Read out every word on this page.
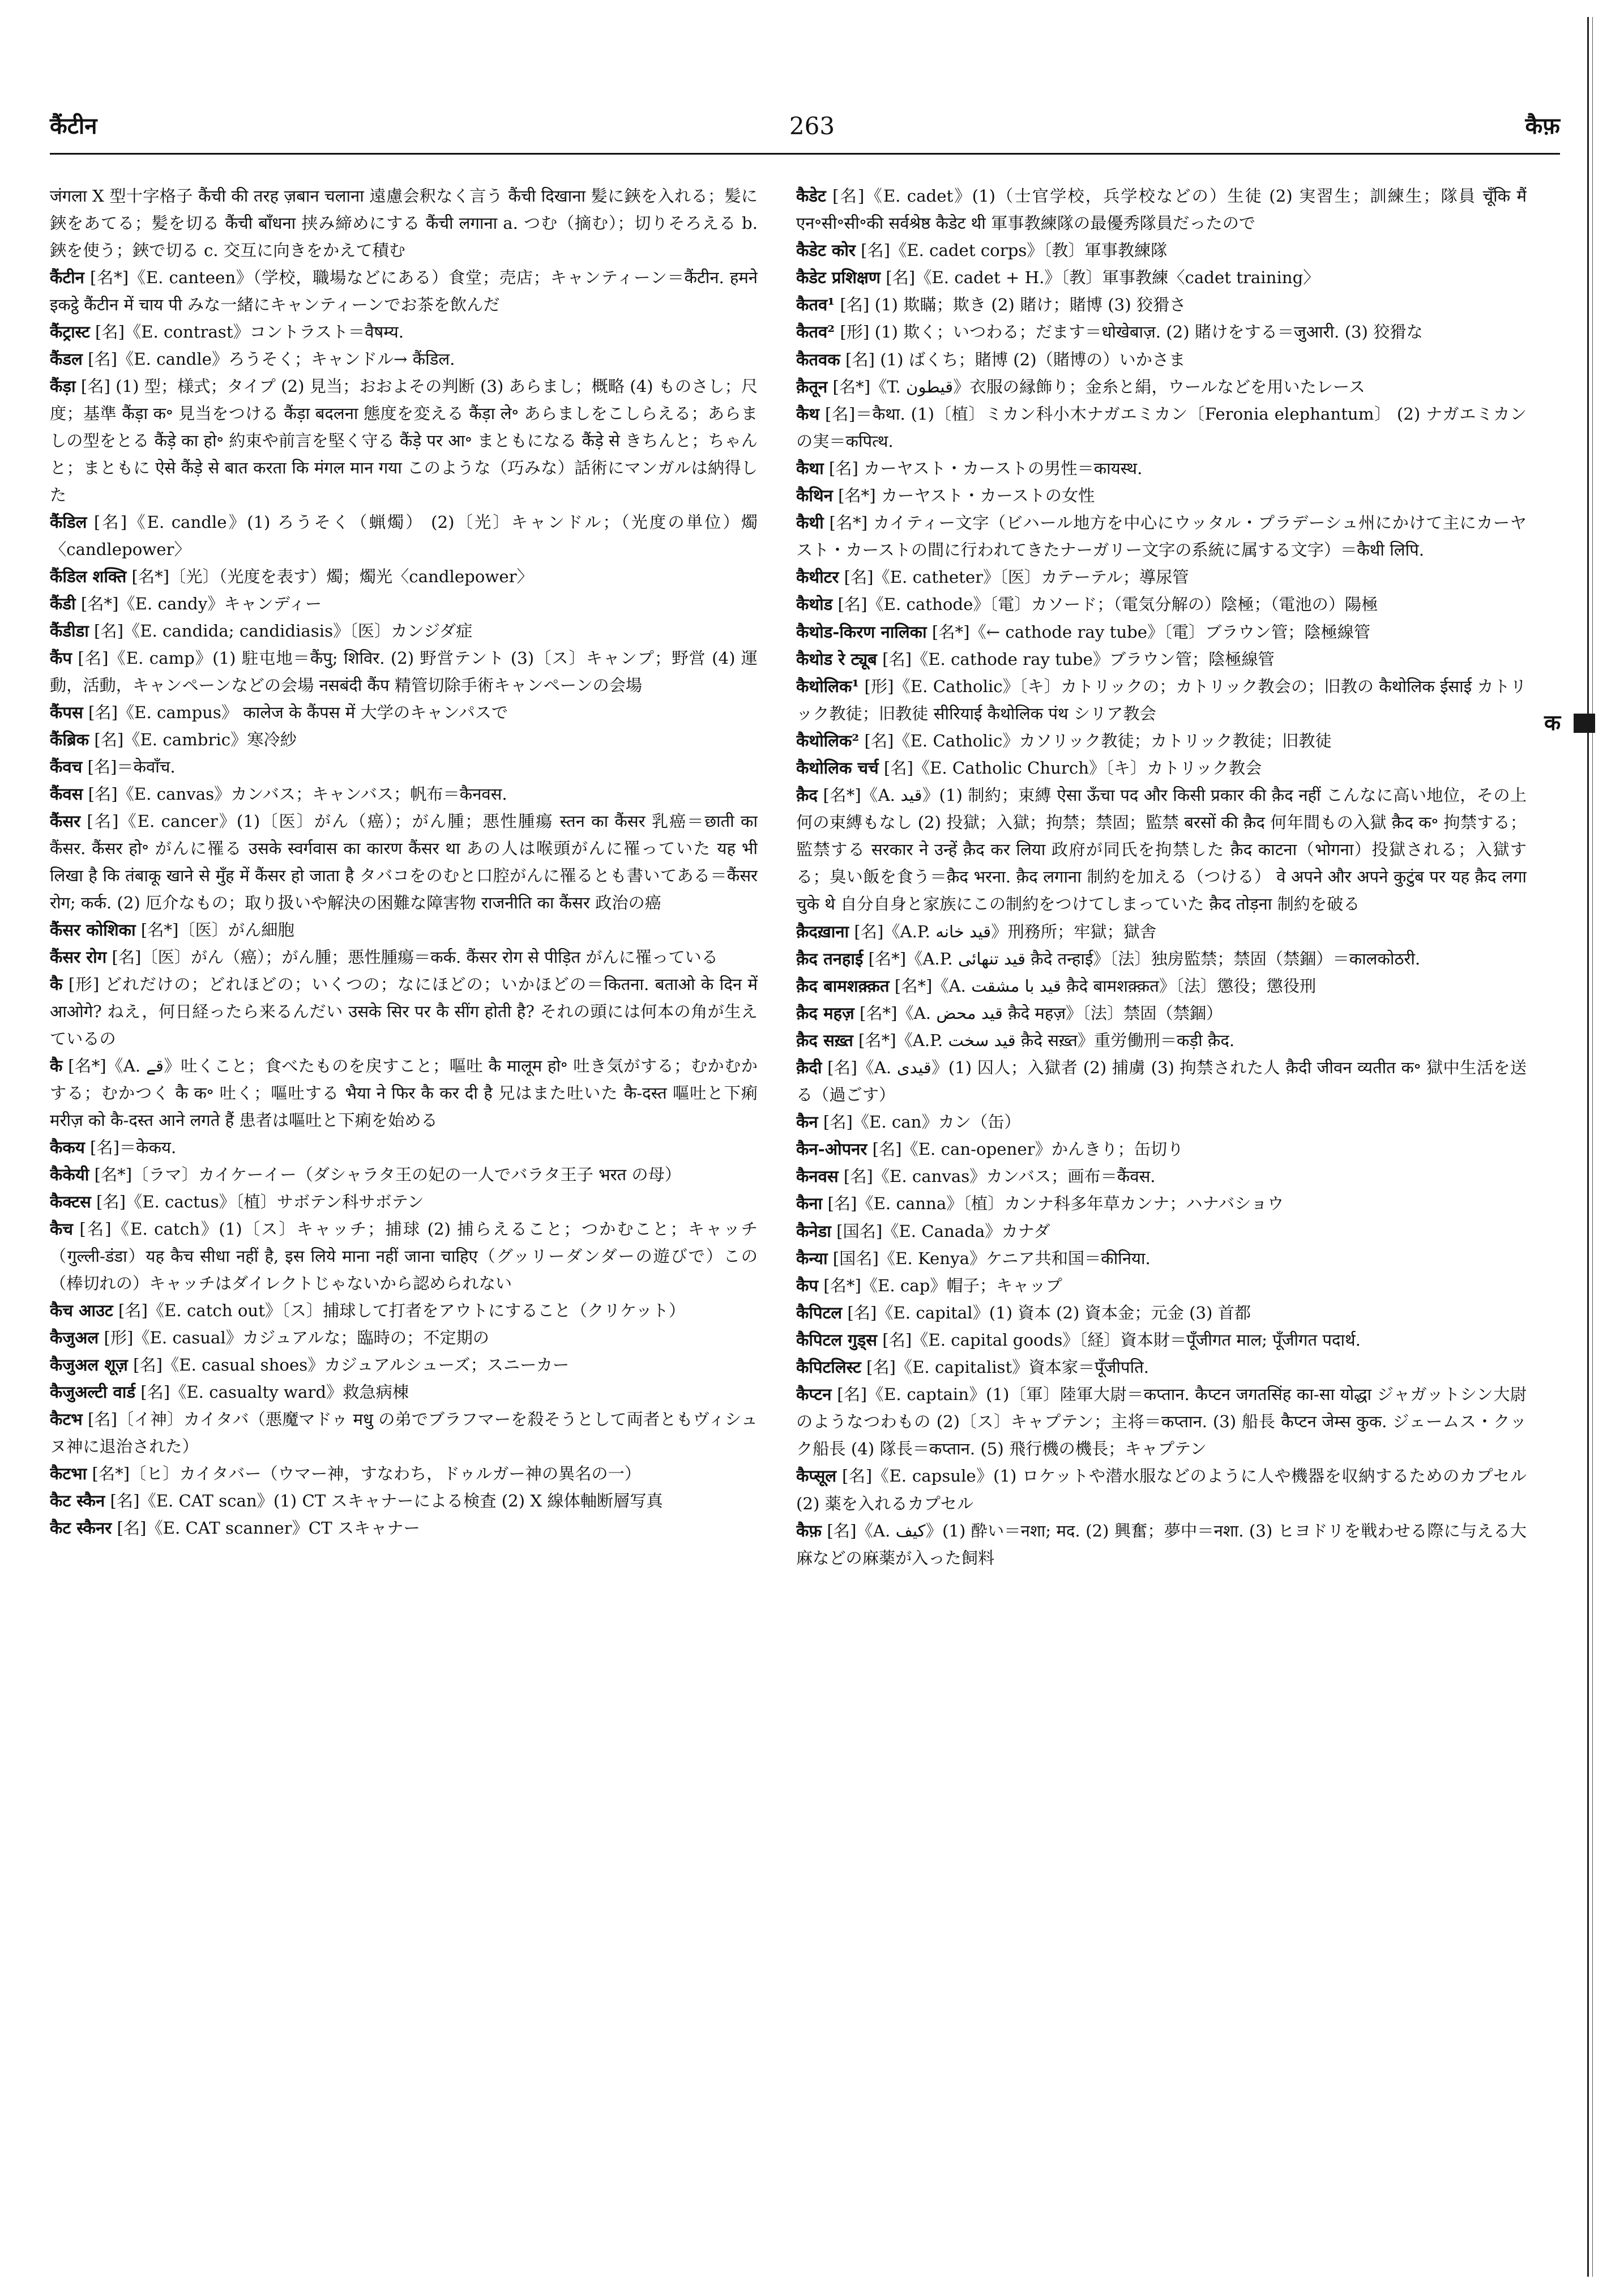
कैंटीन	263	कैफ़
जंगला X 型十字格子 कैंची की तरह ज़बान चलाना 遠慮会釈なく言う कैंची दिखाना 髪に鋏を入れる；髪に鋏をあてる；髪を切る कैंची बाँधना 挟み締めにする कैंची लगाना a. つむ（摘む）；切りそろえる b. 鋏を使う；鋏で切る c. 交互に向きをかえて積む
कैंटीन [名*]《E. canteen》（学校，職場などにある）食堂；売店；キャンティーン＝कैंटीन. हमने इकट्ठे कैंटीन में चाय पी みな一緒にキャンティーンでお茶を飲んだ
कैंट्रास्ट [名]《E. contrast》コントラスト＝वैषम्य.
कैंडल [名]《E. candle》ろうそく；キャンドル→ कैंडिल.
कैंड़ा [名] (1) 型；様式；タイプ (2) 見当；おおよその判断 (3) あらまし；概略 (4) ものさし；尺度；基準 कैंड़ा क॰ 見当をつける कैंड़ा बदलना 態度を変える कैंड़ा ले॰ あらましをこしらえる；あらましの型をとる कैंड़े का हो॰ 約束や前言を堅く守る कैंड़े पर आ॰ まともになる कैंड़े से きちんと；ちゃんと；まともに ऐसे कैंड़े से बात करता कि मंगल मान गया このような（巧みな）話術にマンガルは納得した
कैंडिल [名]《E. candle》(1) ろうそく（蝋燭） (2)〔光〕キャンドル；（光度の単位）燭〈candlepower〉
कैंडिल शक्ति [名*]〔光〕（光度を表す）燭；燭光〈candlepower〉
कैंडी [名*]《E. candy》キャンディー
कैंडीडा [名]《E. candida; candidiasis》〔医〕カンジダ症
कैंप [名]《E. camp》(1) 駐屯地＝कैंपु; शिविर. (2) 野営テント (3)〔ス〕キャンプ；野営 (4) 運動，活動，キャンペーンなどの会場 नसबंदी कैंप 精管切除手術キャンペーンの会場
कैंपस [名]《E. campus》 कालेज के कैंपस में 大学のキャンパスで
कैंब्रिक [名]《E. cambric》寒冷紗
कैंवच [名]＝केवाँच.
कैंवस [名]《E. canvas》カンバス；キャンバス；帆布＝कैनवस.
कैंसर [名]《E. cancer》(1)〔医〕がん（癌）；がん腫；悪性腫瘍 स्तन का कैंसर 乳癌＝छाती का कैंसर. कैंसर हो॰ がんに罹る उसके स्वर्गवास का कारण कैंसर था あの人は喉頭がんに罹っていた यह भी लिखा है कि तंबाकू खाने से मुँह में कैंसर हो जाता है タバコをのむと口腔がんに罹るとも書いてある＝कैंसर रोग; कर्क. (2) 厄介なもの；取り扱いや解決の困難な障害物 राजनीति का कैंसर 政治の癌
कैंसर कोशिका [名*]〔医〕がん細胞
कैंसर रोग [名]〔医〕がん（癌）；がん腫；悪性腫瘍＝कर्क. कैंसर रोग से पीड़ित がんに罹っている
कै [形] どれだけの；どれほどの；いくつの；なにほどの；いかほどの＝कितना. बताओ के दिन में आओगे? ねえ，何日経ったら来るんだい उसके सिर पर कै सींग होती है? それの頭には何本の角が生えているの
कै [名*]《A. قے》吐くこと；食べたものを戻すこと；嘔吐 कै मालूम हो॰ 吐き気がする；むかむかする；むかつく कै क॰ 吐く；嘔吐する भैया ने फिर कै कर दी है 兄はまた吐いた कै-दस्त 嘔吐と下痢 मरीज़ को कै-दस्त आने लगते हैं 患者は嘔吐と下痢を始める
कैकय [名]＝केकय.
कैकेयी [名*]〔ラマ〕カイケーイー（ダシャラタ王の妃の一人でバラタ王子 भरत の母）
कैक्टस [名]《E. cactus》〔植〕サボテン科サボテン
कैच [名]《E. catch》(1)〔ス〕キャッチ；捕球 (2) 捕らえること；つかむこと；キャッチ（गुल्ली-डंडा）यह कैच सीधा नहीं है, इस लिये माना नहीं जाना चाहिए（グッリーダンダーの遊びで）この（棒切れの）キャッチはダイレクトじゃないから認められない
कैच आउट [名]《E. catch out》〔ス〕捕球して打者をアウトにすること（クリケット）
कैजुअल [形]《E. casual》カジュアルな；臨時の；不定期の
कैजुअल शूज़ [名]《E. casual shoes》カジュアルシューズ；スニーカー
कैजुअल्टी वार्ड [名]《E. casualty ward》救急病棟
कैटभ [名]〔イ神〕カイタバ（悪魔マドゥ मधु の弟でブラフマーを殺そうとして両者ともヴィシュヌ神に退治された）
कैटभा [名*]〔ヒ〕カイタバー（ウマー神，すなわち，ドゥルガー神の異名の一）
कैट स्कैन [名]《E. CAT scan》(1) CT スキャナーによる検査 (2) X 線体軸断層写真
कैट स्कैनर [名]《E. CAT scanner》CT スキャナー
कैडेट [名]《E. cadet》(1)（士官学校，兵学校などの）生徒 (2) 実習生；訓練生；隊員 चूँकि मैं एन॰सी॰सी॰की सर्वश्रेष्ठ कैडेट थी 軍事教練隊の最優秀隊員だったので
कैडेट कोर [名]《E. cadet corps》〔教〕軍事教練隊
कैडेट प्रशिक्षण [名]《E. cadet + H.》〔教〕軍事教練〈cadet training〉
कैतव¹ [名] (1) 欺瞞；欺き (2) 賭け；賭博 (3) 狡猾さ
कैतव² [形] (1) 欺く；いつわる；だます＝धोखेबाज़. (2) 賭けをする＝जुआरी. (3) 狡猾な
कैतवक [名] (1) ばくち；賭博 (2)（賭博の）いかさま
क़ैतून [名*]《T. قيطون》衣服の縁飾り；金糸と絹，ウールなどを用いたレース
कैथ [名]＝कैथा. (1)〔植〕ミカン科小木ナガエミカン〔Feronia elephantum〕 (2) ナガエミカンの実＝कपित्थ.
कैथा [名] カーヤスト・カーストの男性＝कायस्थ.
कैथिन [名*] カーヤスト・カーストの女性
कैथी [名*] カイティー文字（ビハール地方を中心にウッタル・プラデーシュ州にかけて主にカーヤスト・カーストの間に行われてきたナーガリー文字の系統に属する文字）＝कैथी लिपि.
कैथीटर [名]《E. catheter》〔医〕カテーテル；導尿管
कैथोड [名]《E. cathode》〔電〕カソード；（電気分解の）陰極；（電池の）陽極
कैथोड-किरण नालिका [名*]《← cathode ray tube》〔電〕ブラウン管；陰極線管
कैथोड रे ट्यूब [名]《E. cathode ray tube》ブラウン管；陰極線管
कैथोलिक¹ [形]《E. Catholic》〔キ〕カトリックの；カトリック教会の；旧教の कैथोलिक ईसाई カトリック教徒；旧教徒 सीरियाई कैथोलिक पंथ シリア教会
कैथोलिक² [名]《E. Catholic》カソリック教徒；カトリック教徒；旧教徒
कैथोलिक चर्च [名]《E. Catholic Church》〔キ〕カトリック教会
क़ैद [名*]《A. قيد》(1) 制約；束縛 ऐसा ऊँचा पद और किसी प्रकार की क़ैद नहीं こんなに高い地位，その上何の束縛もなし (2) 投獄；入獄；拘禁；禁固；監禁 बरसों की क़ैद 何年間もの入獄 क़ैद क॰ 拘禁する；監禁する सरकार ने उन्हें क़ैद कर लिया 政府が同氏を拘禁した क़ैद काटना（भोगना）投獄される；入獄する；臭い飯を食う＝क़ैद भरना. क़ैद लगाना 制約を加える（つける） वे अपने और अपने कुटुंब पर यह क़ैद लगा चुके थे 自分自身と家族にこの制約をつけてしまっていた क़ैद तोड़ना 制約を破る
क़ैदख़ाना [名]《A.P. قيد خانه》刑務所；牢獄；獄舎
क़ैद तनहाई [名*]《A.P. قيد تنهائى क़ैदे तन्हाई》〔法〕独房監禁；禁固（禁錮）＝कालकोठरी.
क़ैद बामशक़्क़त [名*]《A. قيد با مشقت क़ैदे बामशक़्क़त》〔法〕懲役；懲役刑
क़ैद महज़ [名*]《A. قيد محض क़ैदे महज़》〔法〕禁固（禁錮）
क़ैद सख़्त [名*]《A.P. قيد سخت क़ैदे सख़्त》重労働刑＝कड़ी क़ैद.
क़ैदी [名]《A. قيدى》(1) 囚人；入獄者 (2) 捕虜 (3) 拘禁された人 क़ैदी जीवन व्यतीत क॰ 獄中生活を送る（過ごす）
कैन [名]《E. can》カン（缶）
कैन-ओपनर [名]《E. can-opener》かんきり；缶切り
कैनवस [名]《E. canvas》カンバス；画布＝कैंवस.
कैना [名]《E. canna》〔植〕カンナ科多年草カンナ；ハナバショウ
कैनेडा [国名]《E. Canada》カナダ
कैन्या [国名]《E. Kenya》ケニア共和国＝कीनिया.
कैप [名*]《E. cap》帽子；キャップ
कैपिटल [名]《E. capital》(1) 資本 (2) 資本金；元金 (3) 首都
कैपिटल गुड्स [名]《E. capital goods》〔経〕資本財＝पूँजीगत माल; पूँजीगत पदार्थ.
कैपिटलिस्ट [名]《E. capitalist》資本家＝पूँजीपति.
कैप्टन [名]《E. captain》(1)〔軍〕陸軍大尉＝कप्तान. कैप्टन जगतसिंह का-सा योद्धा ジャガットシン大尉のようなつわもの (2)〔ス〕キャプテン；主将＝कप्तान. (3) 船長 कैप्टन जेम्स कुक. ジェームス・クック船長 (4) 隊長＝कप्तान. (5) 飛行機の機長；キャプテン
कैप्सूल [名]《E. capsule》(1) ロケットや潜水服などのように人や機器を収納するためのカプセル (2) 薬を入れるカプセル
कैफ़ [名]《A. كيف》(1) 酔い＝नशा; मद. (2) 興奮；夢中＝नशा. (3) ヒヨドリを戦わせる際に与える大麻などの麻薬が入った飼料
क
